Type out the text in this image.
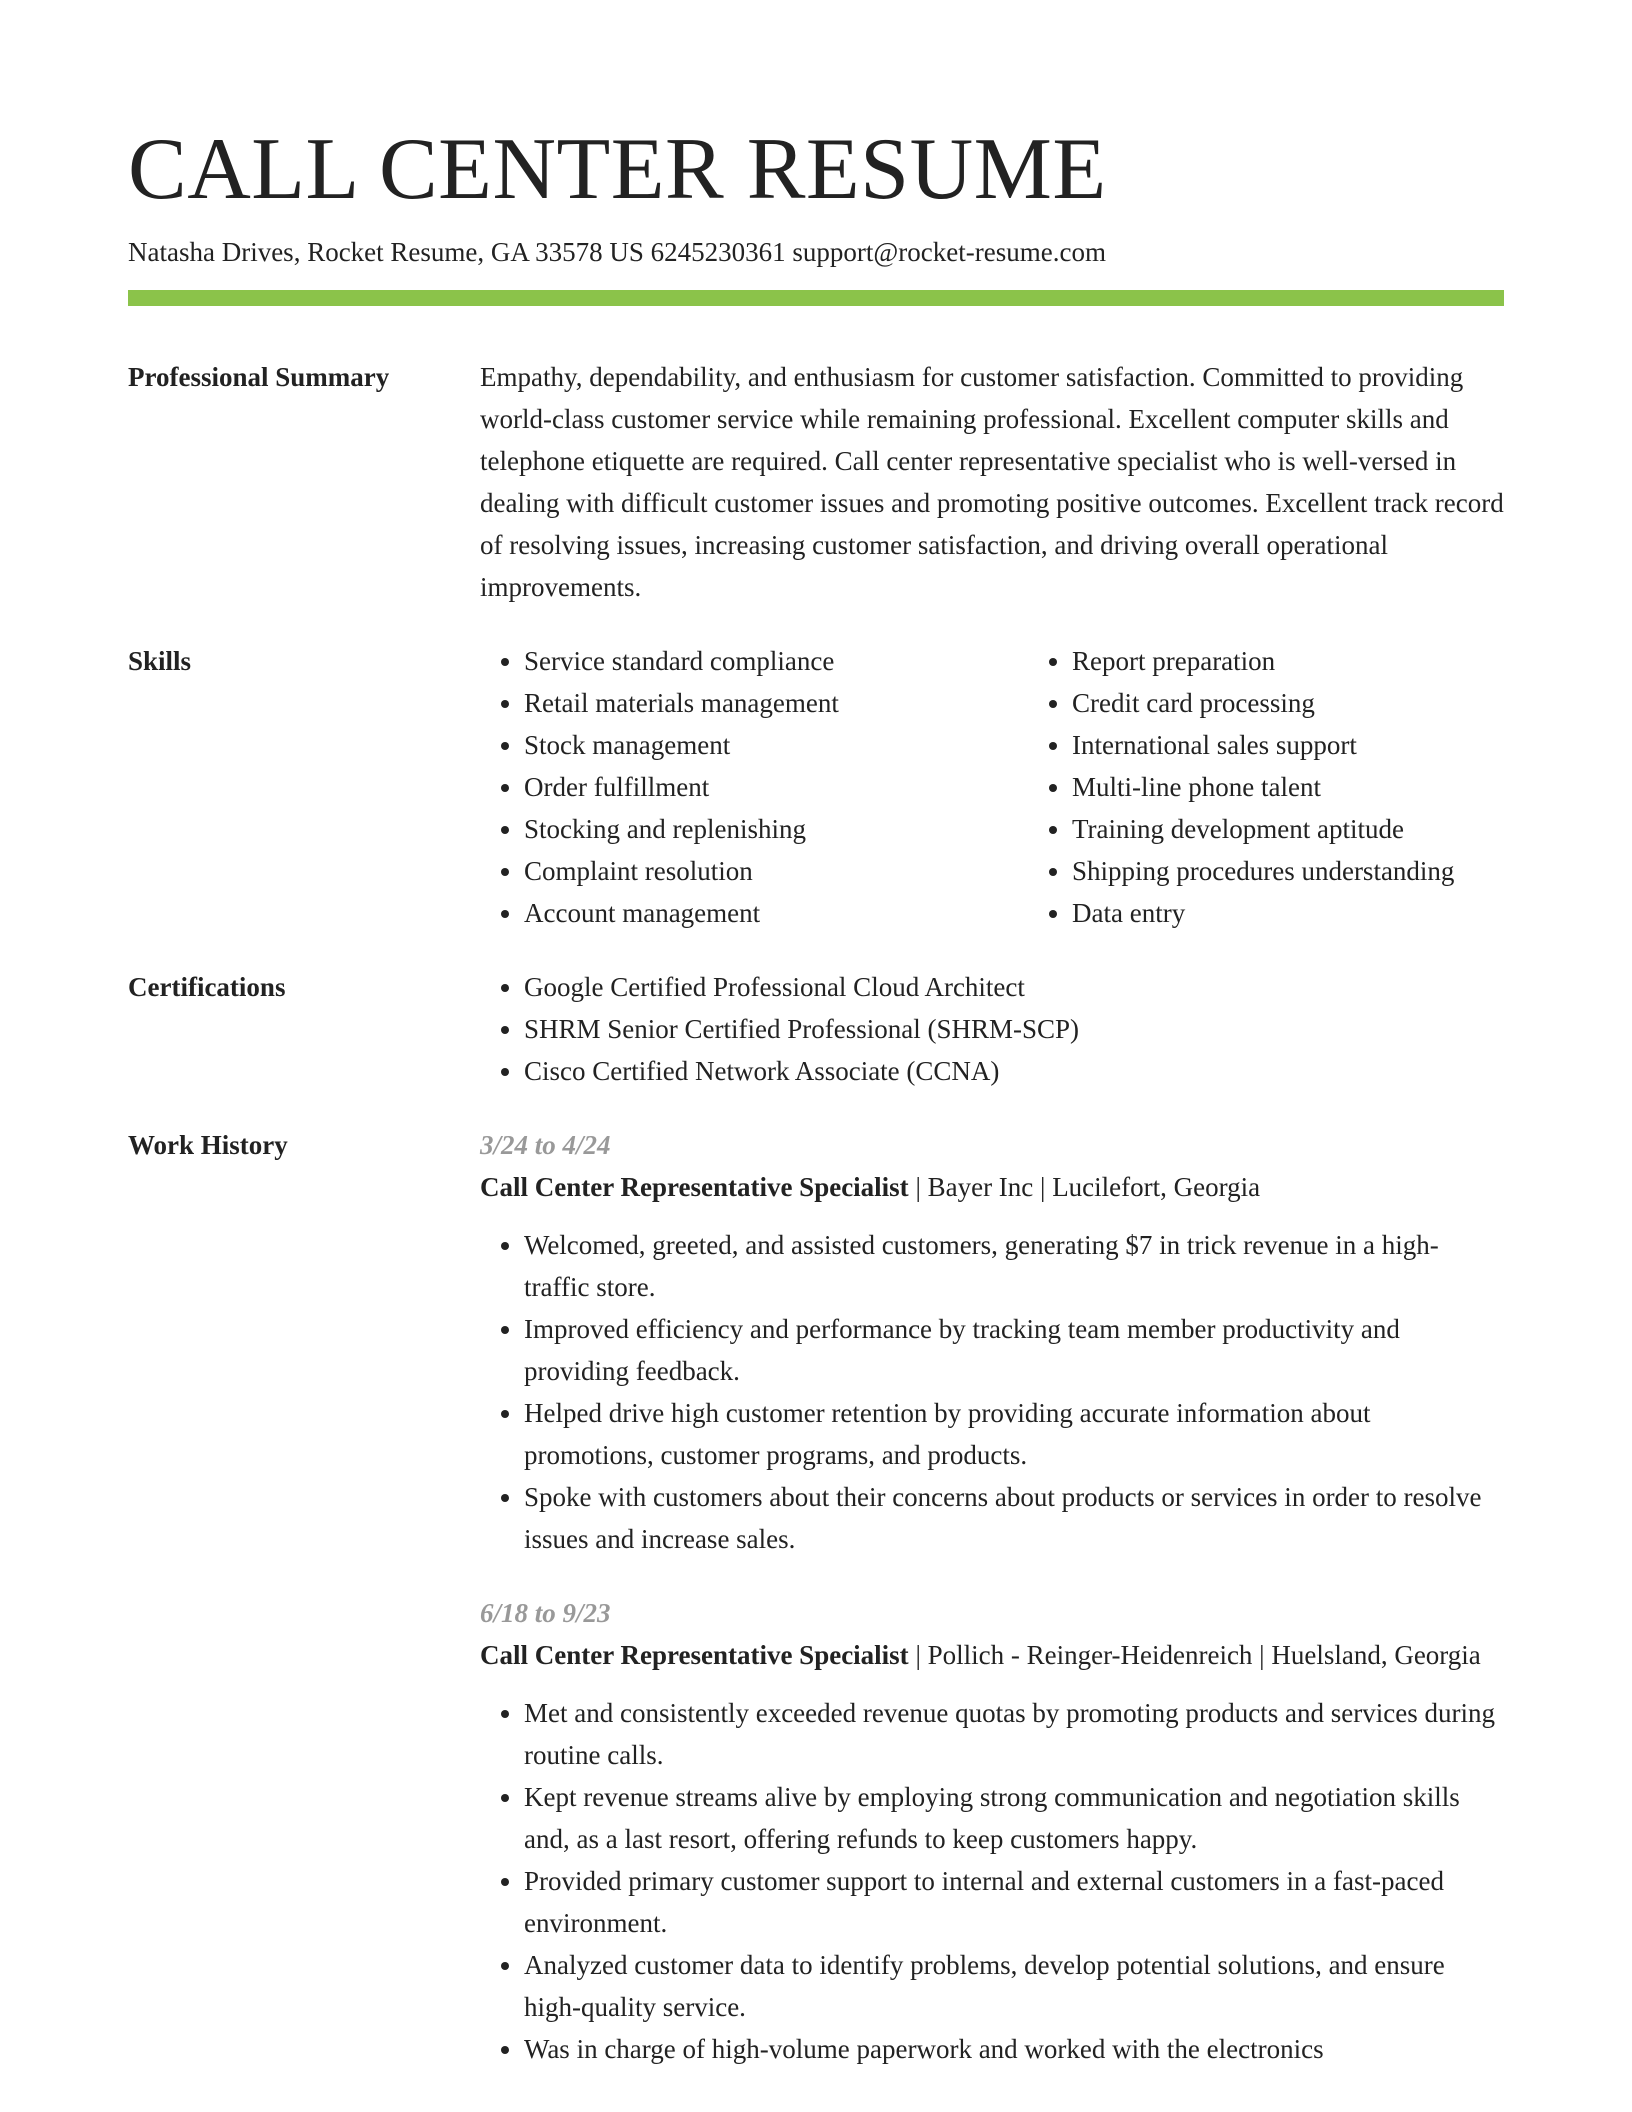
CALL CENTER RESUME
Natasha Drives, Rocket Resume, GA 33578 US 6245230361 support@rocket-resume.com
Professional Summary	Empathy, dependability, and enthusiasm for customer satisfaction. Committed to providing world-class customer service while remaining professional. Excellent computer skills and telephone etiquette are required. Call center representative specialist who is well-versed in dealing with difficult customer issues and promoting positive outcomes. Excellent track record of resolving issues, increasing customer satisfaction, and driving overall operational improvements.

Skills	• Service standard compliance
• Retail materials management
• Stock management
• Order fulfillment
• Stocking and replenishing
• Complaint resolution
• Account management
• Report preparation
• Credit card processing
• International sales support
• Multi-line phone talent
• Training development aptitude
• Shipping procedures understanding
• Data entry
Certifications	• Google Certified Professional Cloud Architect
• SHRM Senior Certified Professional (SHRM-SCP)
• Cisco Certified Network Associate (CCNA)
Work History	3/24 to 4/24
Call Center Representative Specialist | Bayer Inc | Lucilefort, Georgia
• Welcomed, greeted, and assisted customers, generating $7 in trick revenue in a high-traffic store.
• Improved efficiency and performance by tracking team member productivity and providing feedback.
• Helped drive high customer retention by providing accurate information about promotions, customer programs, and products.
• Spoke with customers about their concerns about products or services in order to resolve issues and increase sales.
6/18 to 9/23
Call Center Representative Specialist | Pollich - Reinger-Heidenreich | Huelsland, Georgia
• Met and consistently exceeded revenue quotas by promoting products and services during routine calls.
• Kept revenue streams alive by employing strong communication and negotiation skills and, as a last resort, offering refunds to keep customers happy.
• Provided primary customer support to internal and external customers in a fast-paced environment.
• Analyzed customer data to identify problems, develop potential solutions, and ensure high-quality service.
• Was in charge of high-volume paperwork and worked with the electronics
